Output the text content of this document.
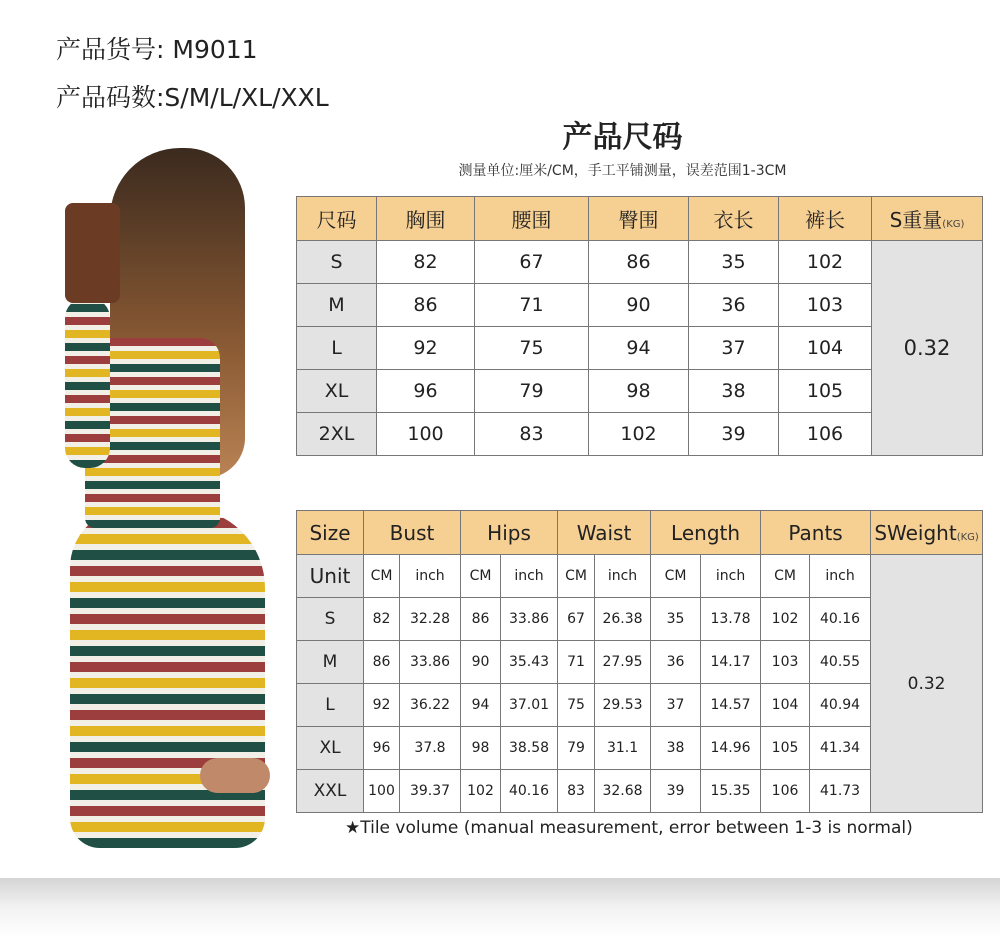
产品货号: M9011
产品码数:S/M/L/XL/XXL
产品尺码
测量单位:厘米/CM，手工平铺测量，误差范围1-3CM
尺码	胸围	腰围	臀围	衣长	裤长	S重量(KG)
S	82	67	86	35	102	0.32
M	86	71	90	36	103	
L	92	75	94	37	104	
XL	96	79	98	38	105	
2XL	100	83	102	39	106	
Size	Bust		Hips		Waist		Length		Pants		SWeight(KG)
Unit	CM	inch	CM	inch	CM	inch	CM	inch	CM	inch	0.32
S	82	32.28	86	33.86	67	26.38	35	13.78	102	40.16	
M	86	33.86	90	35.43	71	27.95	36	14.17	103	40.55	
L	92	36.22	94	37.01	75	29.53	37	14.57	104	40.94	
XL	96	37.8	98	38.58	79	31.1	38	14.96	105	41.34	
XXL	100	39.37	102	40.16	83	32.68	39	15.35	106	41.73	
★Tile volume (manual measurement, error between 1-3 is normal)
